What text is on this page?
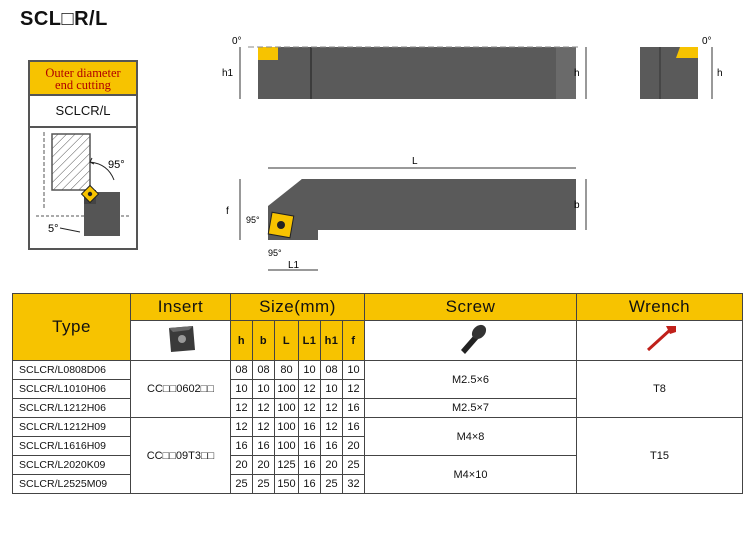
SCL□R/L
Outer diameter
end cutting
SCLCR/L
95°
5°
0°
h1	h
0°
h
L
b
f
L1
95°
95°
Type	Insert	Size(mm)						Screw	Wrench
	h	b	L	L1	h1	f		
SCLCR/L0808D06	CC□□0602□□	08	08	80	10	08	10	M2.5×6	T8
SCLCR/L1010H06		10	10	100	12	10	12		
SCLCR/L1212H06		12	12	100	12	12	16	M2.5×7	
SCLCR/L1212H09	CC□□09T3□□	12	12	100	16	12	16	M4×8	T15
SCLCR/L1616H09		16	16	100	16	16	20		
SCLCR/L2020K09		20	20	125	16	20	25	M4×10	
SCLCR/L2525M09		25	25	150	16	25	32		
